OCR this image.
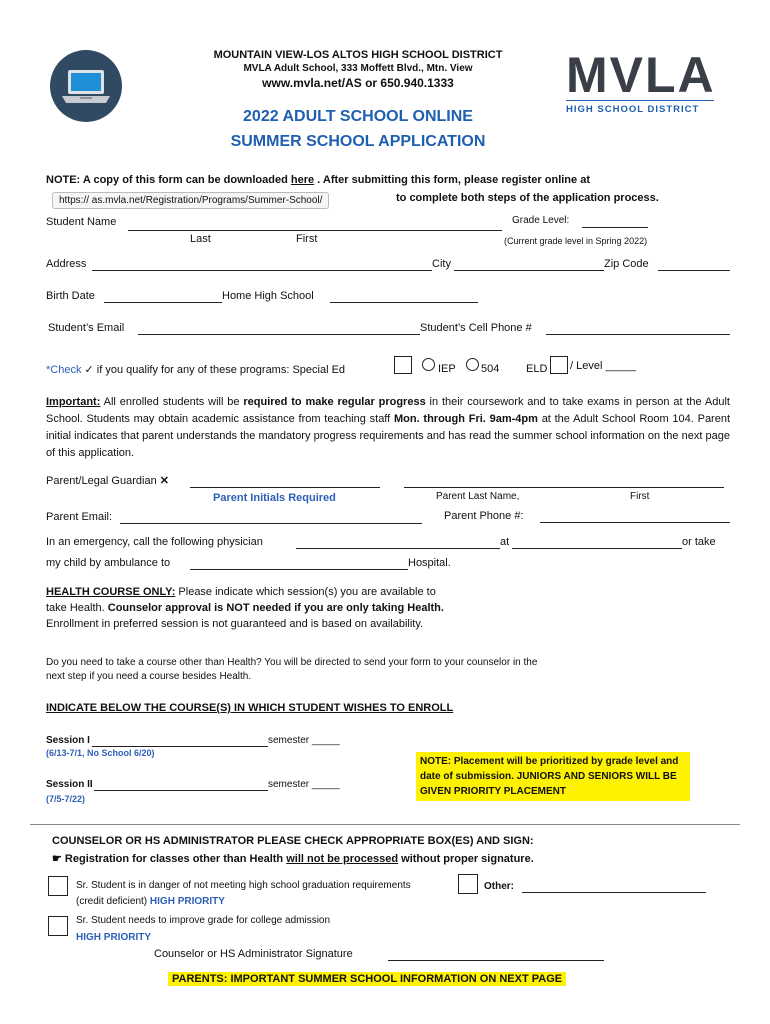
MOUNTAIN VIEW-LOS ALTOS HIGH SCHOOL DISTRICT
MVLA Adult School, 333 Moffett Blvd., Mtn. View
www.mvla.net/AS or 650.940.1333
2022 ADULT SCHOOL ONLINE
SUMMER SCHOOL APPLICATION
MVLA
HIGH SCHOOL DISTRICT
NOTE: A copy of this form can be downloaded here . After submitting this form, please register online at
https:// as.mvla.net/Registration/Programs/Summer-School/	to complete both steps of the application process.
Student Name	Grade Level:
Last	First	(Current grade level in Spring 2022)
Address	City	Zip Code
Birth Date	Home High School
Student’s Email	Student’s Cell Phone #
*Check ✓ if you qualify for any of these programs: Special Ed	IEP 504 ELD / Level _____
Important: All enrolled students will be required to make regular progress in their coursework and to take exams in person at the Adult School. Students may obtain academic assistance from teaching staff Mon. through Fri. 9am-4pm at the Adult School Room 104. Parent initial indicates that parent understands the mandatory progress requirements and has read the summer school information on the next page of this application.
Parent/Legal Guardian ✕
Parent Initials Required	Parent Last Name,	First
Parent Email:	Parent Phone #:
In an emergency, call the following physician	at	or take
my child by ambulance to	Hospital.
HEALTH COURSE ONLY: Please indicate which session(s) you are available to take Health. Counselor approval is NOT needed if you are only taking Health. Enrollment in preferred session is not guaranteed and is based on availability.
Do you need to take a course other than Health? You will be directed to send your form to your counselor in the next step if you need a course besides Health.
INDICATE BELOW THE COURSE(S) IN WHICH STUDENT WISHES TO ENROLL
Session I	semester _____
(6/13-7/1, No School 6/20)
Session II	semester _____
(7/5-7/22)
NOTE: Placement will be prioritized by grade level and date of submission. JUNIORS AND SENIORS WILL BE GIVEN PRIORITY PLACEMENT
COUNSELOR OR HS ADMINISTRATOR PLEASE CHECK APPROPRIATE BOX(ES) AND SIGN:
☛ Registration for classes other than Health will not be processed without proper signature.
Sr. Student is in danger of not meeting high school graduation requirements (credit deficient) HIGH PRIORITY
Other:
Sr. Student needs to improve grade for college admission
HIGH PRIORITY
Counselor or HS Administrator Signature
PARENTS: IMPORTANT SUMMER SCHOOL INFORMATION ON NEXT PAGE
